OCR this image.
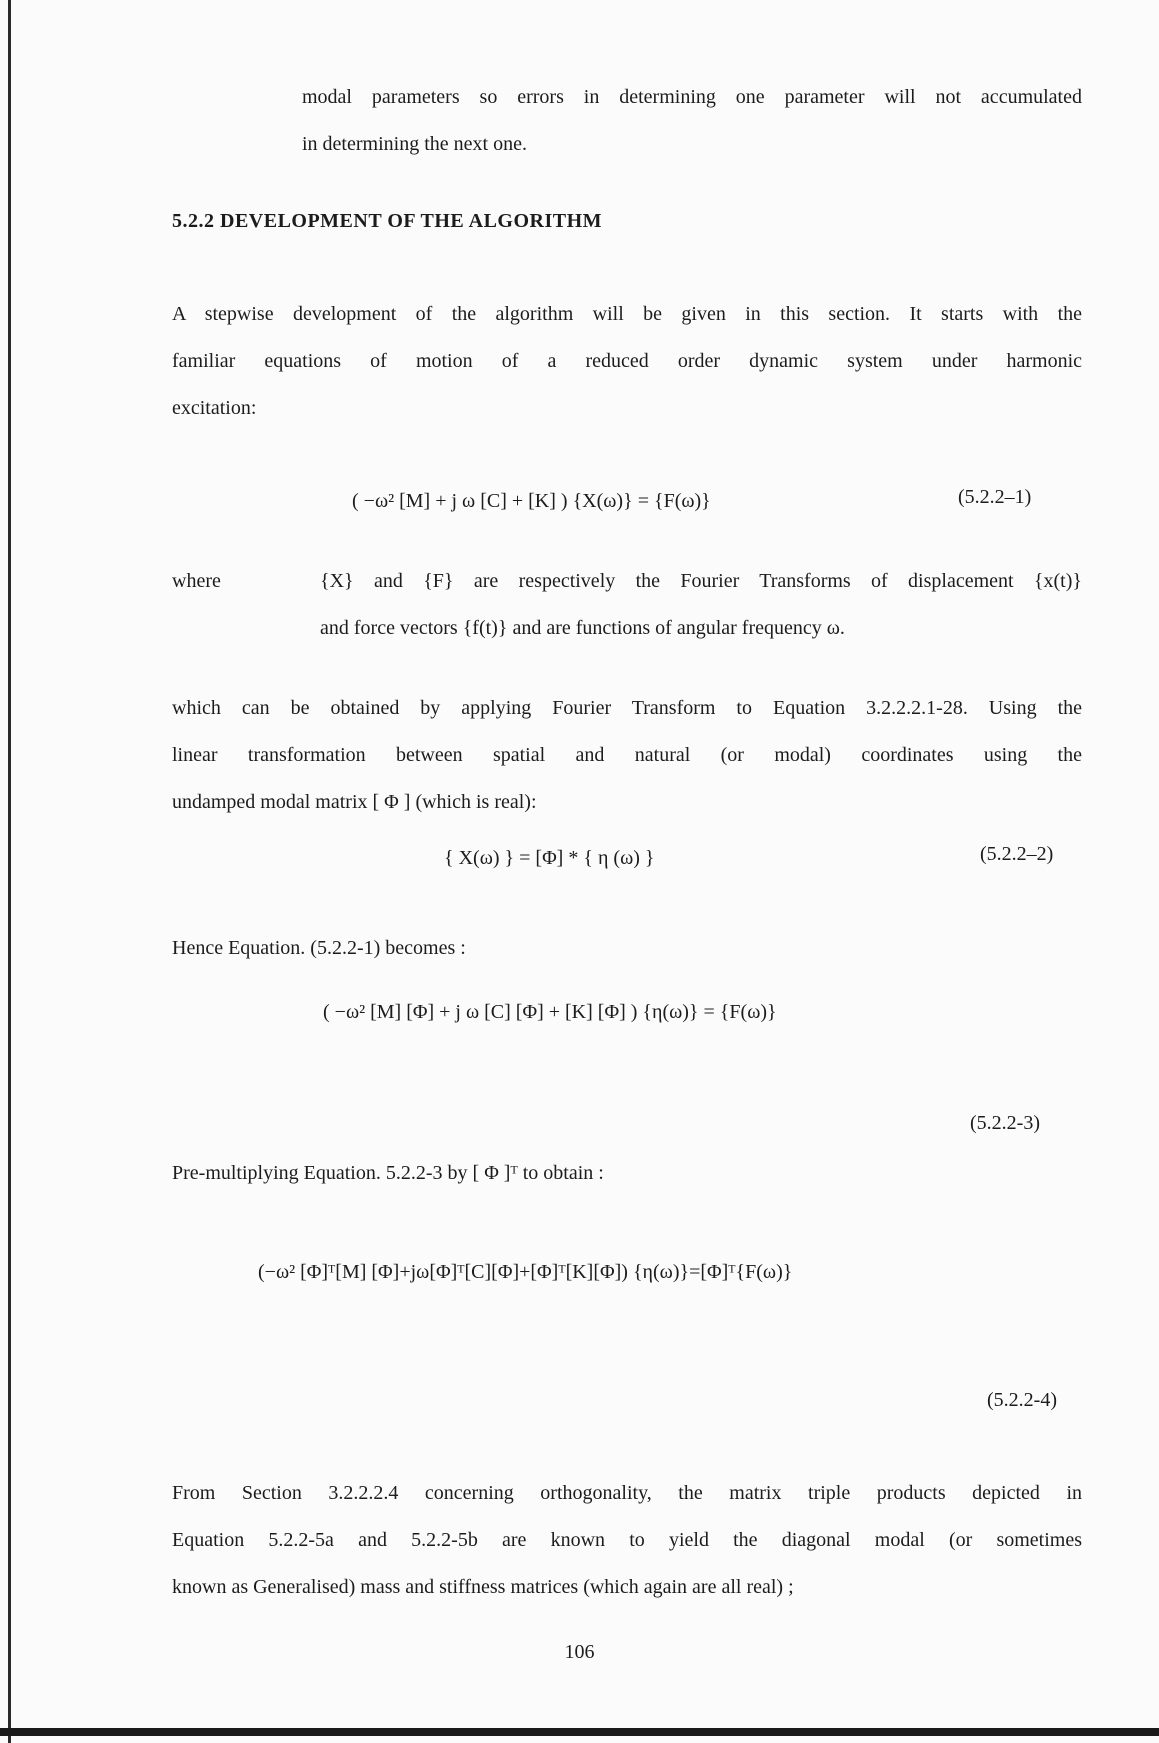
modal parameters so errors in determining one parameter will not accumulated
in determining the next one.
5.2.2 DEVELOPMENT OF THE ALGORITHM
A stepwise development of the algorithm will be given in this section. It starts with the
familiar equations of motion of a reduced order dynamic system under harmonic
excitation:
( −ω² [M] + j ω [C] + [K] ) {X(ω)} = {F(ω)}	(5.2.2–1)
where	{X} and {F} are respectively the Fourier Transforms of displacement {x(t)}
and force vectors {f(t)} and are functions of angular frequency ω.
which can be obtained by applying Fourier Transform to Equation 3.2.2.2.1-28. Using the
linear transformation between spatial and natural (or modal) coordinates using the
undamped modal matrix [ Φ ] (which is real):
{ X(ω) } = [Φ] * { η (ω) }	(5.2.2–2)
Hence Equation. (5.2.2-1) becomes :
( −ω² [M] [Φ] + j ω [C] [Φ] + [K] [Φ] ) {η(ω)} = {F(ω)}
(5.2.2-3)
Pre-multiplying Equation. 5.2.2-3 by [ Φ ]ᵀ to obtain :
(−ω² [Φ]ᵀ[M] [Φ]+jω[Φ]ᵀ[C][Φ]+[Φ]ᵀ[K][Φ]) {η(ω)}=[Φ]ᵀ{F(ω)}
(5.2.2-4)
From Section 3.2.2.2.4 concerning orthogonality, the matrix triple products depicted in
Equation 5.2.2-5a and 5.2.2-5b are known to yield the diagonal modal (or sometimes
known as Generalised) mass and stiffness matrices (which again are all real) ;
106
